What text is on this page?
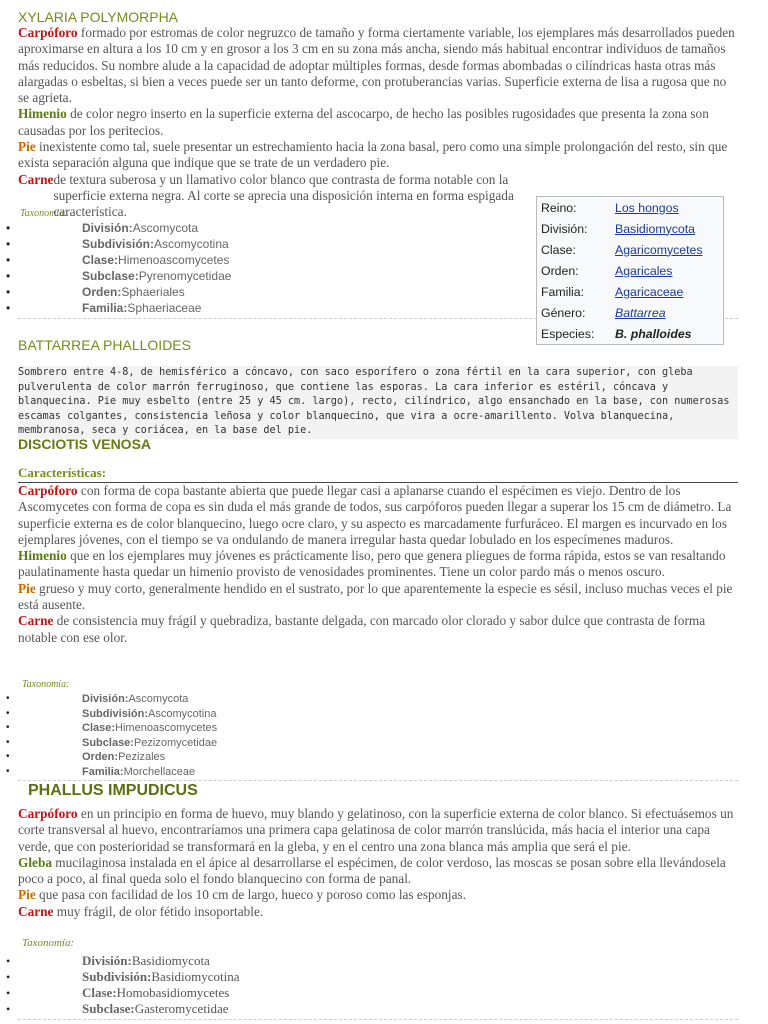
XYLARIA POLYMORPHA
Carpóforo formado por estromas de color negruzco de tamaño y forma ciertamente variable, los ejemplares más desarrollados pueden aproximarse en altura a los 10 cm y en grosor a los 3 cm en su zona más ancha, siendo más habitual encontrar individuos de tamaños más reducidos. Su nombre alude a la capacidad de adoptar múltiples formas, desde formas abombadas o cilíndricas hasta otras más alargadas o esbeltas, si bien a veces puede ser un tanto deforme, con protuberancias varias. Superficie externa de lisa a rugosa que no se agrieta.
Himenio de color negro inserto en la superficie externa del ascocarpo, de hecho las posibles rugosidades que presenta la zona son causadas por los peritecios.
Pie inexistente como tal, suele presentar un estrechamiento hacia la zona basal, pero como una simple prolongación del resto, sin que exista separación alguna que indique que se trate de un verdadero pie.
Carnede textura suberosa y un llamativo color blanco que contrasta de forma notable con la superficie externa negra. Al corte se aprecia una disposición interna en forma espigada característica.
Taxonomía:
• División:Ascomycota
• Subdivisión:Ascomycotina
• Clase:Himenoascomycetes
• Subclase:Pyrenomycetidae
• Orden:Sphaeriales
• Familia:Sphaeriaceae
Reino:	Los hongos
División:	Basidiomycota
Clase:	Agaricomycetes
Orden:	Agaricales
Familia:	Agaricaceae
Género:	Battarrea
Especies:	B. phalloides
BATTARREA PHALLOIDES
Sombrero entre 4-8, de hemisférico a cóncavo, con saco esporífero o zona fértil en la cara superior, con gleba pulverulenta de color marrón ferruginoso, que contiene las esporas. La cara inferior es estéril, cóncava y blanquecina. Pie muy esbelto (entre 25 y 45 cm. largo), recto, cilíndrico, algo ensanchado en la base, con numerosas escamas colgantes, consistencia leñosa y color blanquecino, que vira a ocre-amarillento. Volva blanquecina, membranosa, seca y coriácea, en la base del pie.
DISCIOTIS VENOSA
Características:
Carpóforo con forma de copa bastante abierta que puede llegar casi a aplanarse cuando el espécimen es viejo. Dentro de los Ascomycetes con forma de copa es sin duda el más grande de todos, sus carpóforos pueden llegar a superar los 15 cm de diámetro. La superficie externa es de color blanquecino, luego ocre claro, y su aspecto es marcadamente furfuráceo. El margen es incurvado en los ejemplares jóvenes, con el tiempo se va ondulando de manera irregular hasta quedar lobulado en los especímenes maduros.
Himenio que en los ejemplares muy jóvenes es prácticamente liso, pero que genera pliegues de forma rápida, estos se van resaltando paulatinamente hasta quedar un himenio provisto de venosidades prominentes. Tiene un color pardo más o menos oscuro.
Pie grueso y muy corto, generalmente hendido en el sustrato, por lo que aparentemente la especie es sésil, incluso muchas veces el pie está ausente.
Carne de consistencia muy frágil y quebradiza, bastante delgada, con marcado olor clorado y sabor dulce que contrasta de forma notable con ese olor.
Taxonomía:
• División:Ascomycota
• Subdivisión:Ascomycotina
• Clase:Himenoascomycetes
• Subclase:Pezizomycetidae
• Orden:Pezizales
• Familia:Morchellaceae
PHALLUS IMPUDICUS
Carpóforo en un principio en forma de huevo, muy blando y gelatinoso, con la superficie externa de color blanco. Si efectuásemos un corte transversal al huevo, encontraríamos una primera capa gelatinosa de color marrón translúcida, más hacia el interior una capa verde, que con posterioridad se transformará en la gleba, y en el centro una zona blanca más amplia que será el pie.
Gleba mucilaginosa instalada en el ápice al desarrollarse el espécimen, de color verdoso, las moscas se posan sobre ella llevándosela poco a poco, al final queda solo el fondo blanquecino con forma de panal.
Pie que pasa con facilidad de los 10 cm de largo, hueco y poroso como las esponjas.
Carne muy frágil, de olor fétido insoportable.
Taxonomía:
• División:Basidiomycota
• Subdivisión:Basidiomycotina
• Clase:Homobasidiomycetes
• Subclase:Gasteromycetidae
